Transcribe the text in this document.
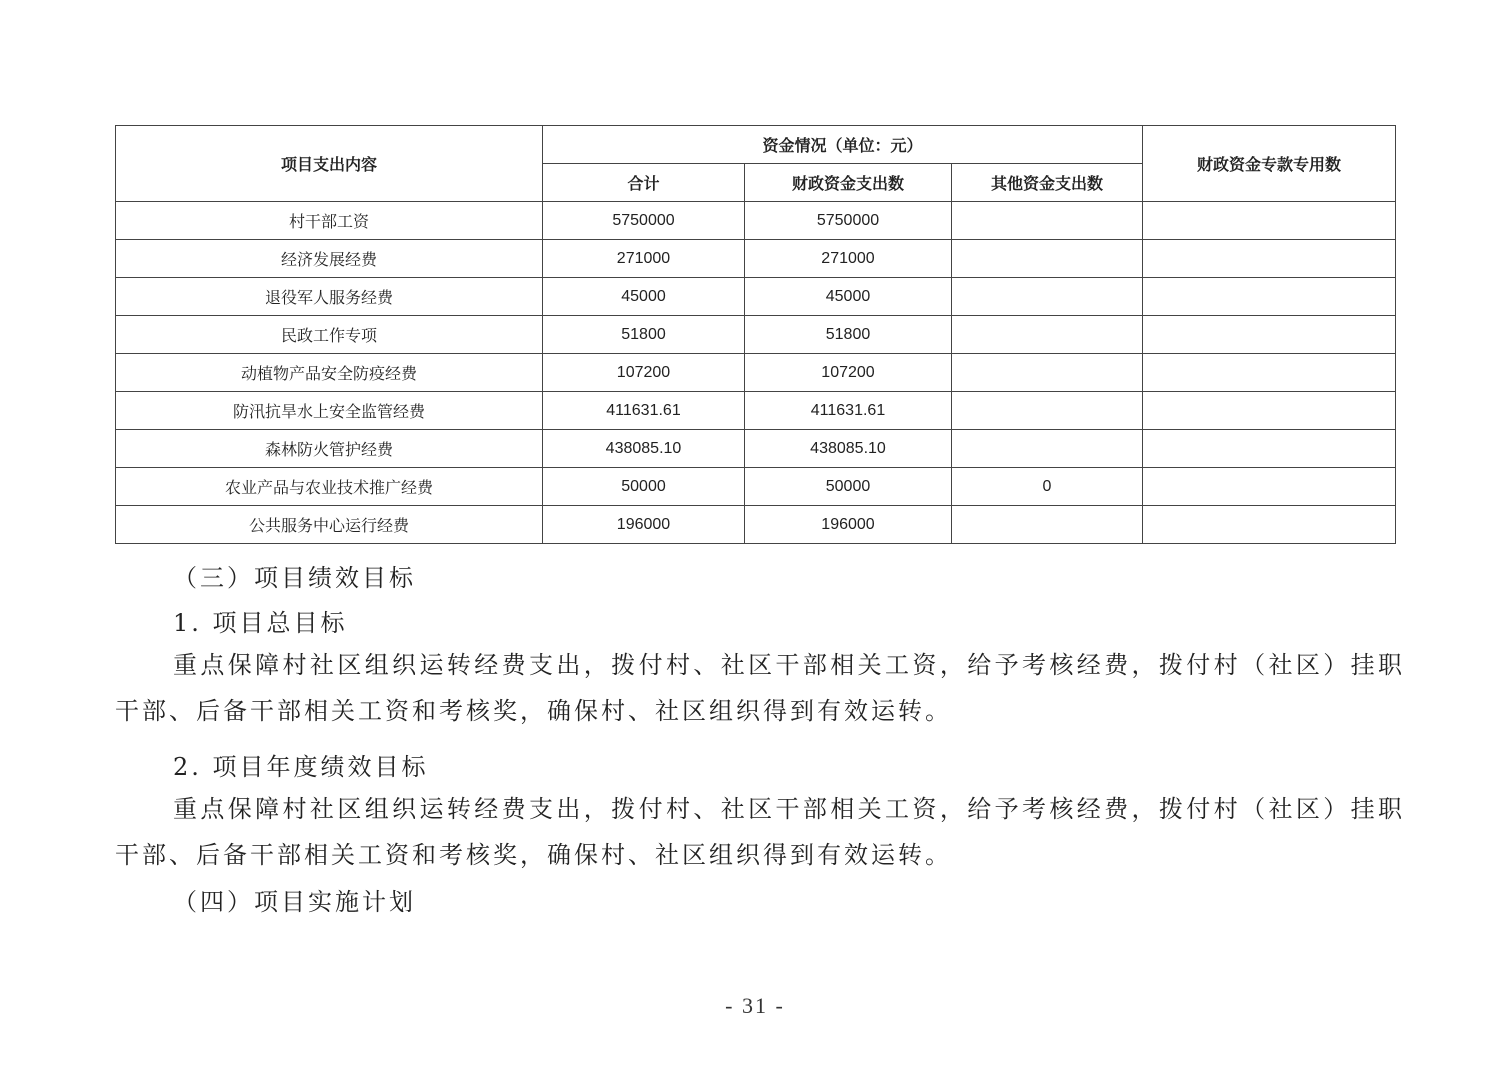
项目支出内容	资金情况（单位：元）			财政资金专款专用数
	合计	财政资金支出数	其他资金支出数	
村干部工资	5750000	5750000		
经济发展经费	271000	271000		
退役军人服务经费	45000	45000		
民政工作专项	51800	51800		
动植物产品安全防疫经费	107200	107200		
防汛抗旱水上安全监管经费	411631.61	411631.61		
森林防火管护经费	438085.10	438085.10		
农业产品与农业技术推广经费	50000	50000	0	
公共服务中心运行经费	196000	196000		
（三）项目绩效目标
1. 项目总目标
重点保障村社区组织运转经费支出，拨付村、社区干部相关工资，给予考核经费，拨付村（社区）挂职干部、后备干部相关工资和考核奖，确保村、社区组织得到有效运转。
2. 项目年度绩效目标
重点保障村社区组织运转经费支出，拨付村、社区干部相关工资，给予考核经费，拨付村（社区）挂职干部、后备干部相关工资和考核奖，确保村、社区组织得到有效运转。
（四）项目实施计划
- 31 -
